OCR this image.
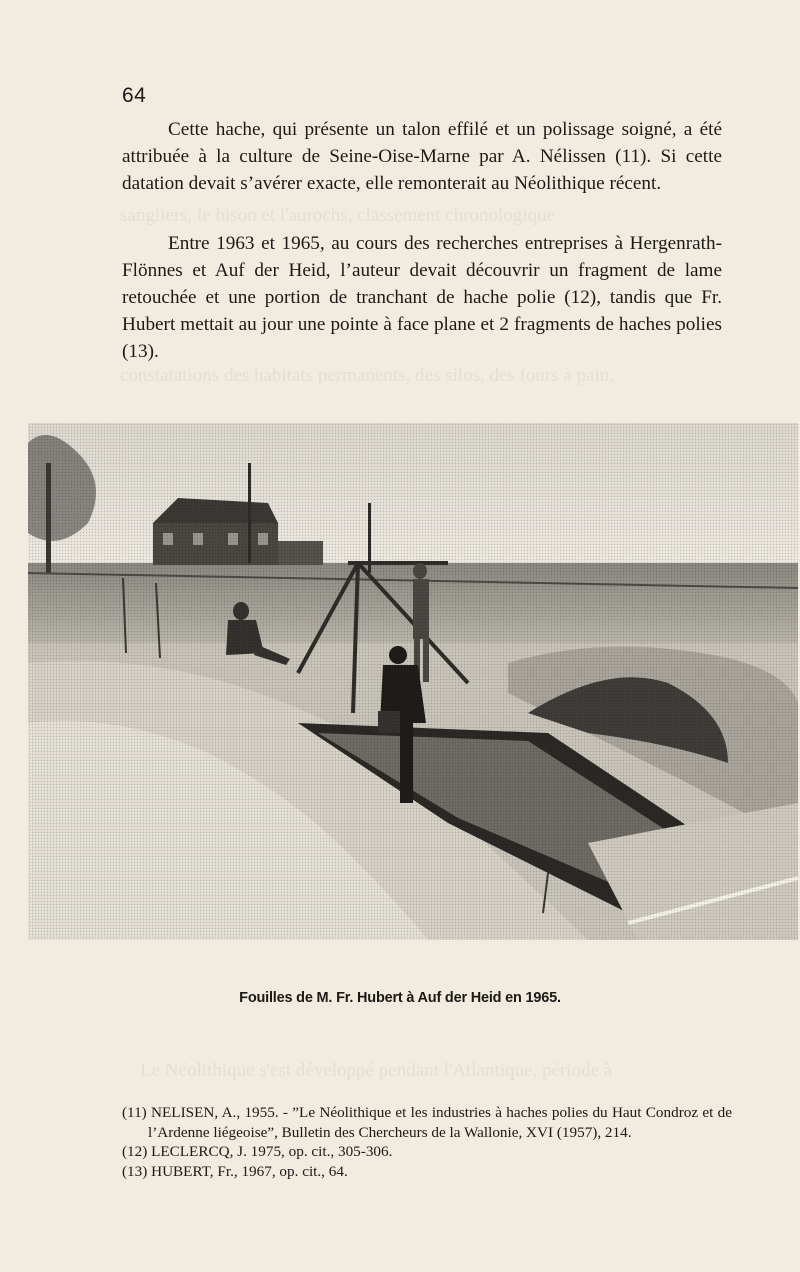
sangliers, le bison et l'aurochs, classement chronologique
constatations des habitats permanents, des silos, des fours à pain,
Le Néolithique s'est développé pendant l'Atlantique, période à
64

Cette hache, qui présente un talon effilé et un polissage soigné, a été attribuée à la culture de Seine-Oise-Marne par A. Nélissen (11). Si cette datation devait s’avérer exacte, elle remonterait au Néolithique récent.

Entre 1963 et 1965, au cours des recherches entreprises à Hergenrath-Flönnes et Auf der Heid, l’auteur devait découvrir un fragment de lame retouchée et une portion de tranchant de hache polie (12), tandis que Fr. Hubert mettait au jour une pointe à face plane et 2 fragments de haches polies (13).

Fouilles de M. Fr. Hubert à Auf der Heid en 1965.
(11) NELISEN, A., 1955. - ”Le Néolithique et les industries à haches polies du Haut Condroz et de l’Ardenne liégeoise”, Bulletin des Chercheurs de la Wallonie, XVI (1957), 214.
(12) LECLERCQ, J. 1975, op. cit., 305-306.
(13) HUBERT, Fr., 1967, op. cit., 64.
